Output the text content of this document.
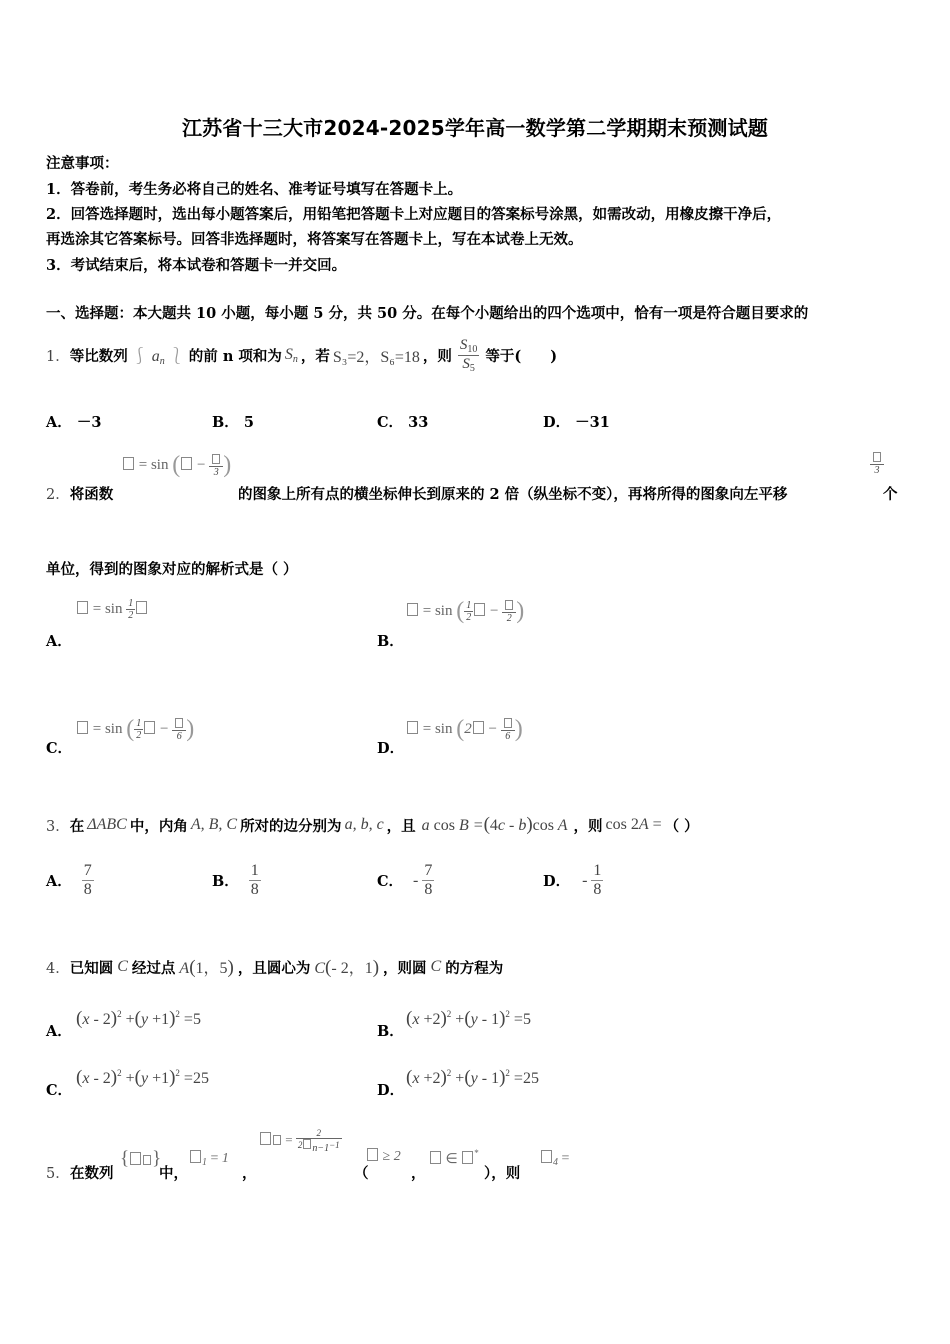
江苏省十三大市2024-2025学年高一数学第二学期期末预测试题
注意事项：
1．答卷前，考生务必将自己的姓名、准考证号填写在答题卡上。
2．回答选择题时，选出每小题答案后，用铅笔把答题卡上对应题目的答案标号涂黑，如需改动，用橡皮擦干净后，
再选涂其它答案标号。回答非选择题时，将答案写在答题卡上，写在本试卷上无效。
3．考试结束后，将本试卷和答题卡一并交回。
一、选择题：本大题共 10 小题，每小题 5 分，共 50 分。在每个小题给出的四个选项中，恰有一项是符合题目要求的
1． 等比数列 ⎰ $a_n$ ⎱ 的前 n 项和为 $S_n$ ，若 S₃=2，S₆=18 ，则 $\frac{S_{10}}{S_5}$ 等于(　　)
A． －3	B． 5	C． 33	D． －31
= sin ( − 3 )
2．将函数	的图象上所有点的横坐标伸长到原来的 2 倍（纵坐标不变），再将所得的图象向左平移
3
个
单位，得到的图象对应的解析式是（ ）
A．
= $\sin \frac{1}{2}$
B．
= sin ( $\frac{1}{2} - 2$ )
C．
= sin ( $\frac{1}{2} - 6$ )
D．
= sin (2 − 6 )
3． 在 ΔABC 中，内角 A, B, C 所对的边分别为 a, b, c ，且 a cos B =(4c - b)cos A ，则 cos 2A = （ ）
A． $\frac{7}{8}$	B． $\frac{1}{8}$	C． - $\frac{7}{8}$	D． - $\frac{1}{8}$
4． 已知圆 C 经过点 A(1，5) ，且圆心为 C(- 2，1) ，则圆 C 的方程为
A．
$(x - 2)^2 +(y +1)^2 =5$
B．
$(x +2)^2 +(y - 1)^2 =5$
C．
$(x - 2)^2 +(y +1)^2 =25$
D．
$(x +2)^2 +(y - 1)^2 =25$
5． 在数列
{ }
中，
$_1$ = 1
，
= $\frac{2}{2 n-1-1}$
（
≥ 2
，
∈ *
），则
$_4$ =
